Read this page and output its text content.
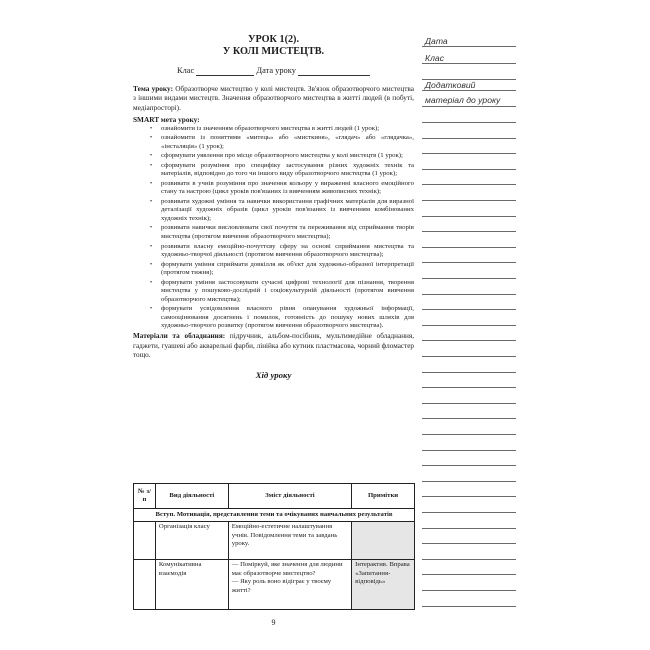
УРОК 1(2).
У КОЛІ МИСТЕЦТВ.
Клас	Дата уроку
Тема уроку: Образотворче мистецтво у колі мистецтв. Зв'язок образотворчого мистецтва з іншими видами мистецтв. Значення образотворчого мистецтва в житті людей (в побуті, медіапросторі).
SMART мета уроку:
• ознайомити із значенням образотворчого мистецтва в житті людей (1 урок);
• ознайомити із поняттями «митець» або «мисткиня», «глядач» або «глядачка», «інсталяція» (1 урок);
• сформувати уявлення про місце образотворчого мистецтва у колі мистецтв (1 урок);
• сформувати розуміння про специфіку застосування різних художніх технік та матеріалів, відповідно до того чи іншого виду образотворчого мистецтва (1 урок);
• розвивати в учнів розуміння про значення кольору у вираженні власного емоційного стану та настрою (цикл уроків пов'язаних із вивченням живописних технік);
• розвивати художні уміння та навички використання графічних матеріалів для виразної деталізації художніх образів (цикл уроків пов'язаних із вивченням комбінованих художніх технік);
• розвивати навички висловлювати свої почуття та переживання від сприймання творів мистецтва (протягом вивчення образотворчого мистецтва);
• розвивати власну емоційно-почуттєву сферу на основі сприймання мистецтва та художньо-творчої діяльності (протягом вивчення образотворчого мистецтва);
• формувати уміння сприймати довкілля як об'єкт для художньо-образної інтерпретації (протягом тижня);
• формувати уміння застосовувати сучасні цифрові технології для пізнання, творення мистецтва у пошуково-дослідній і соціокультурній діяльності (протягом вивчення образотворчого мистецтва);
• формувати усвідомлення власного рівня опанування художньої інформації, самооцінювання досягнень і помилок, готовність до пошуку нових шляхів для художньо-творчого розвитку (протягом вивчення образотворчого мистецтва).
Матеріали та обладнання: підручник, альбом-посібник, мультимедійне обладнання, гаджети, гуашеві або акварельні фарби, лінійка або кутник пластмасова, чорний фломастер тощо.
Хід уроку
№ з/п	Вид діяльності	Зміст діяльності	Примітки
Вступ. Мотивація, представлення теми та очікуваних навчальних результатів			
	Організація класу	Емоційно-естетичне налаштування учнів. Повідомлення теми та завдань уроку.	
	Комунікативна взаємодія	— Поміркуй, яке значення для людини має образотворче мистецтво?
— Яку роль воно відіграє у твоєму житті?	Інтерактив. Вправа «Запитання-відповідь»
9
Дата
Клас
Додатковий
матеріал до уроку
